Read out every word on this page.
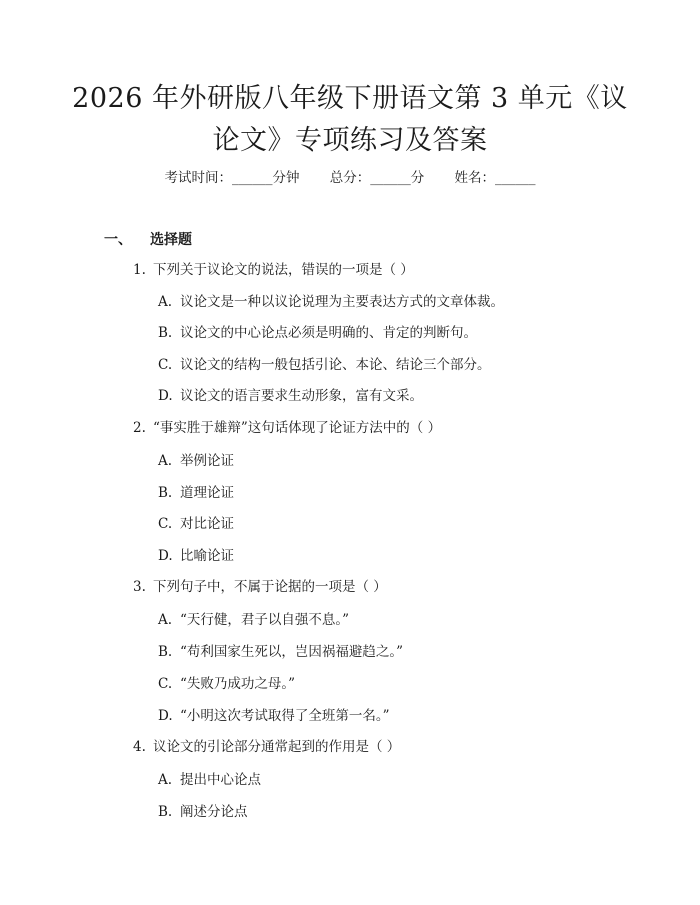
2026 年外研版八年级下册语文第 3 单元《议
论文》专项练习及答案
考试时间：______分钟 总分：______分 姓名：______
一、 选择题
1. 下列关于议论文的说法，错误的一项是（ ）
A. 议论文是一种以议论说理为主要表达方式的文章体裁。
B. 议论文的中心论点必须是明确的、肯定的判断句。
C. 议论文的结构一般包括引论、本论、结论三个部分。
D. 议论文的语言要求生动形象，富有文采。
2. “事实胜于雄辩”这句话体现了论证方法中的（ ）
A. 举例论证
B. 道理论证
C. 对比论证
D. 比喻论证
3. 下列句子中，不属于论据的一项是（ ）
A. “天行健，君子以自强不息。”
B. “苟利国家生死以，岂因祸福避趋之。”
C. “失败乃成功之母。”
D. “小明这次考试取得了全班第一名。”
4. 议论文的引论部分通常起到的作用是（ ）
A. 提出中心论点
B. 阐述分论点
